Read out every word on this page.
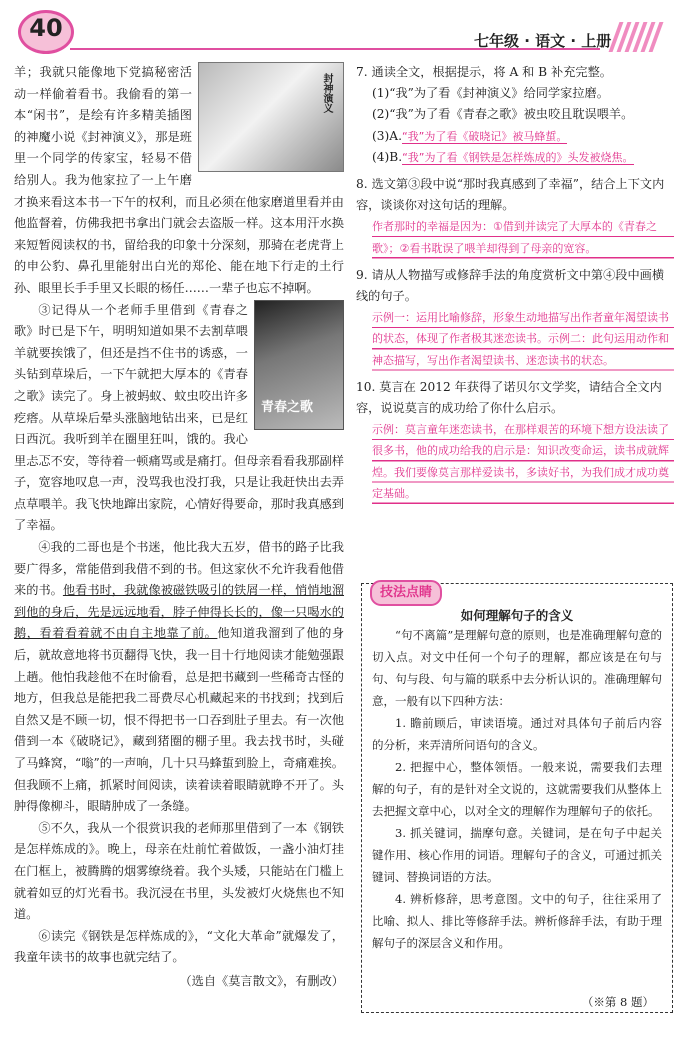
40	七年级 · 语文 · 上册
封神演义

羊；我就只能像地下党搞秘密活动一样偷着看书。我偷看的第一本“闲书”，是绘有许多精美插图的神魔小说《封神演义》，那是班里一个同学的传家宝，轻易不借给别人。我为他家拉了一上午磨才换来看这本书一下午的权利，而且必须在他家磨道里看并由他监督着，仿佛我把书拿出门就会去盗版一样。这本用汗水换来短暂阅读权的书，留给我的印象十分深刻，那骑在老虎背上的申公豹、鼻孔里能射出白光的郑伦、能在地下行走的土行孙、眼里长手手里又长眼的杨任……一辈子也忘不掉啊。

青春之歌

③记得从一个老师手里借到《青春之歌》时已是下午，明明知道如果不去割草喂羊就要挨饿了，但还是挡不住书的诱惑，一头钻到草垛后，一下午就把大厚本的《青春之歌》读完了。身上被蚂蚁、蚊虫咬出许多疙瘩。从草垛后晕头涨脑地钻出来，已是红日西沉。我听到羊在圈里狂叫，饿的。我心里忐忑不安，等待着一顿痛骂或是痛打。但母亲看看我那副样子，宽容地叹息一声，没骂我也没打我，只是让我赶快出去弄点草喂羊。我飞快地蹿出家院，心情好得要命，那时我真感到了幸福。

④我的二哥也是个书迷，他比我大五岁，借书的路子比我要广得多，常能借到我借不到的书。但这家伙不允许我看他借来的书。他看书时，我就像被磁铁吸引的铁屑一样，悄悄地溜到他的身后，先是远远地看，脖子伸得长长的，像一只喝水的鹅，看着看着就不由自主地靠了前。他知道我溜到了他的身后，就故意地将书页翻得飞快，我一目十行地阅读才能勉强跟上趟。他怕我趁他不在时偷看，总是把书藏到一些稀奇古怪的地方，但我总是能把我二哥费尽心机藏起来的书找到；找到后自然又是不顾一切，恨不得把书一口吞到肚子里去。有一次他借到一本《破晓记》，藏到猪圈的棚子里。我去找书时，头碰了马蜂窝，“嗡”的一声响，几十只马蜂蜇到脸上，奇痛难挨。但我顾不上痛，抓紧时间阅读，读着读着眼睛就睁不开了。头肿得像柳斗，眼睛肿成了一条缝。

⑤不久，我从一个很赏识我的老师那里借到了一本《钢铁是怎样炼成的》。晚上，母亲在灶前忙着做饭，一盏小油灯挂在门框上，被腾腾的烟雾缭绕着。我个头矮，只能站在门槛上就着如豆的灯光看书。我沉浸在书里，头发被灯火烧焦也不知道。

⑥读完《钢铁是怎样炼成的》，“文化大革命”就爆发了，我童年读书的故事也就完结了。

（选自《莫言散文》，有删改）

7. 通读全文，根据提示，将 A 和 B 补充完整。

(1)“我”为了看《封神演义》给同学家拉磨。

(2)“我”为了看《青春之歌》被虫咬且耽误喂羊。

(3)A.“我”为了看《破晓记》被马蜂蜇。

(4)B.“我”为了看《钢铁是怎样炼成的》头发被烧焦。

8. 选文第③段中说“那时我真感到了幸福”，结合上下文内容，谈谈你对这句话的理解。

作者那时的幸福是因为：①借到并读完了大厚本的《青春之歌》；②看书耽误了喂羊却得到了母亲的宽容。

9. 请从人物描写或修辞手法的角度赏析文中第④段中画横线的句子。

示例一：运用比喻修辞，形象生动地描写出作者童年渴望读书的状态，体现了作者极其迷恋读书。示例二：此句运用动作和神态描写，写出作者渴望读书、迷恋读书的状态。

10. 莫言在 2012 年获得了诺贝尔文学奖，请结合全文内容，说说莫言的成功给了你什么启示。

示例：莫言童年迷恋读书，在那样艰苦的环境下想方设法读了很多书，他的成功给我的启示是：知识改变命运，读书成就辉煌。我们要像莫言那样爱读书，多读好书，为我们成才成功奠定基础。
技法点睛
如何理解句子的含义

“句不离篇”是理解句意的原则，也是准确理解句意的切入点。对文中任何一个句子的理解，都应该是在句与句、句与段、句与篇的联系中去分析认识的。准确理解句意，一般有以下四种方法：

1. 瞻前顾后，审读语境。通过对具体句子前后内容的分析，来弄清所问语句的含义。

2. 把握中心，整体领悟。一般来说，需要我们去理解的句子，有的是针对全文说的，这就需要我们从整体上去把握文章中心，以对全文的理解作为理解句子的依托。

3. 抓关键词，揣摩句意。关键词，是在句子中起关键作用、核心作用的词语。理解句子的含义，可通过抓关键词、替换词语的方法。

4. 辨析修辞，思考意图。文中的句子，往往采用了比喻、拟人、排比等修辞手法。辨析修辞手法，有助于理解句子的深层含义和作用。

（※第 8 题）
